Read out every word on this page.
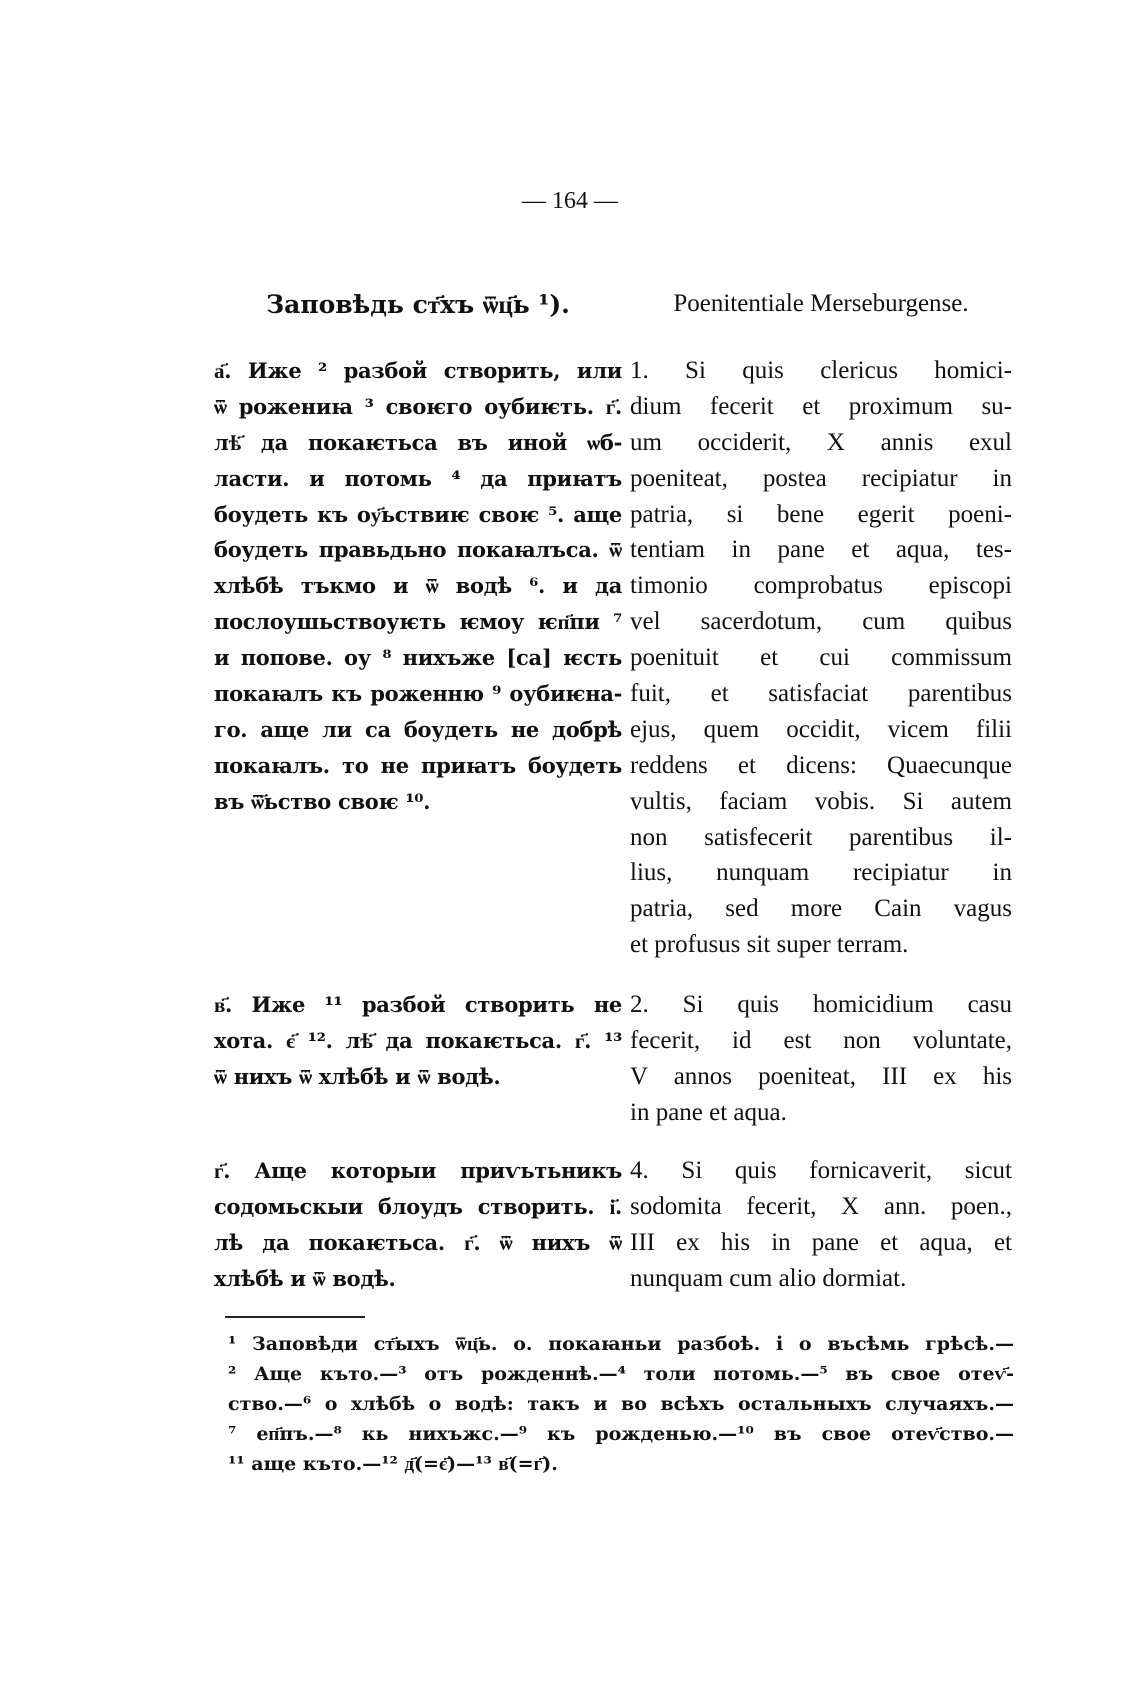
— 164 —
Заповѣдь ст҃хъ ѿц҃ь ¹).	Poenitentiale Merseburgense.
а҃. Иже ² разбой створить, или
ѿ рожениꙗ ³ своѥго оубиѥть. г҃.
лѣ҃ да покаѥтьса въ иной ѡб-
ласти. и потомь ⁴ да приꙗтъ
боудеть къ оу҃ьствиѥ своѥ ⁵. аще
боудеть правьдьно покаꙗлъса. ѿ
хлѣбѣ тъкмо и ѿ водѣ ⁶. и да
послоушьствоуѥть ѥмоу ѥп҃пи ⁷
и попове. оу ⁸ нихъже [са] ѥсть
покаꙗлъ къ роженню ⁹ оубиѥна-
го. аще ли са боудеть не добрѣ
покаꙗлъ. то не приꙗтъ боудеть
въ ѿ҃ьство своѥ ¹⁰.
в҃. Иже ¹¹ разбой створить не
хота. є҃ ¹². лѣ҃ да покаѥтьса. г҃. ¹³
ѿ нихъ ѿ хлѣбѣ и ѿ водѣ.
г҃. Аще которыи приѵьтьникъ
содомьскыи блоудъ створить. і҃.
лѣ да покаѥтьса. г҃. ѿ нихъ ѿ
хлѣбѣ и ѿ водѣ.
1. Si quis clericus homici-
dium fecerit et proximum su-
um occiderit, X annis exul
poeniteat, postea recipiatur in
patria, si bene egerit poeni-
tentiam in pane et aqua, tes-
timonio comprobatus episcopi
vel sacerdotum, cum quibus
poenituit et cui commissum
fuit, et satisfaciat parentibus
ejus, quem occidit, vicem filii
reddens et dicens: Quaecunque
vultis, faciam vobis. Si autem
non satisfecerit parentibus il-
lius, nunquam recipiatur in
patria, sed more Cain vagus
et profusus sit super terram.
2. Si quis homicidium casu
fecerit, id est non voluntate,
V annos poeniteat, III ex his
in pane et aqua.
4. Si quis fornicaverit, sicut
sodomita fecerit, X ann. poen.,
III ex his in pane et aqua, et
nunquam cum alio dormiat.
¹ Заповѣди ст҃ыхъ ѿц҃ь. о. покаꙗньи разбоѣ. і о въсѣмь грѣсѣ.—
² Аще къто.—³ отъ рожденнѣ.—⁴ толи потомь.—⁵ въ свое отеѵ҃-
ство.—⁶ о хлѣбѣ о водѣ: такъ и во всѣхъ остальныхъ случаяхъ.—
⁷ еп҃пъ.—⁸ кь нихъжс.—⁹ къ рожденью.—¹⁰ въ свое отеѵ҃ство.—
¹¹ аще къто.—¹² д҃(=є҃)—¹³ в҃(=г҃).
